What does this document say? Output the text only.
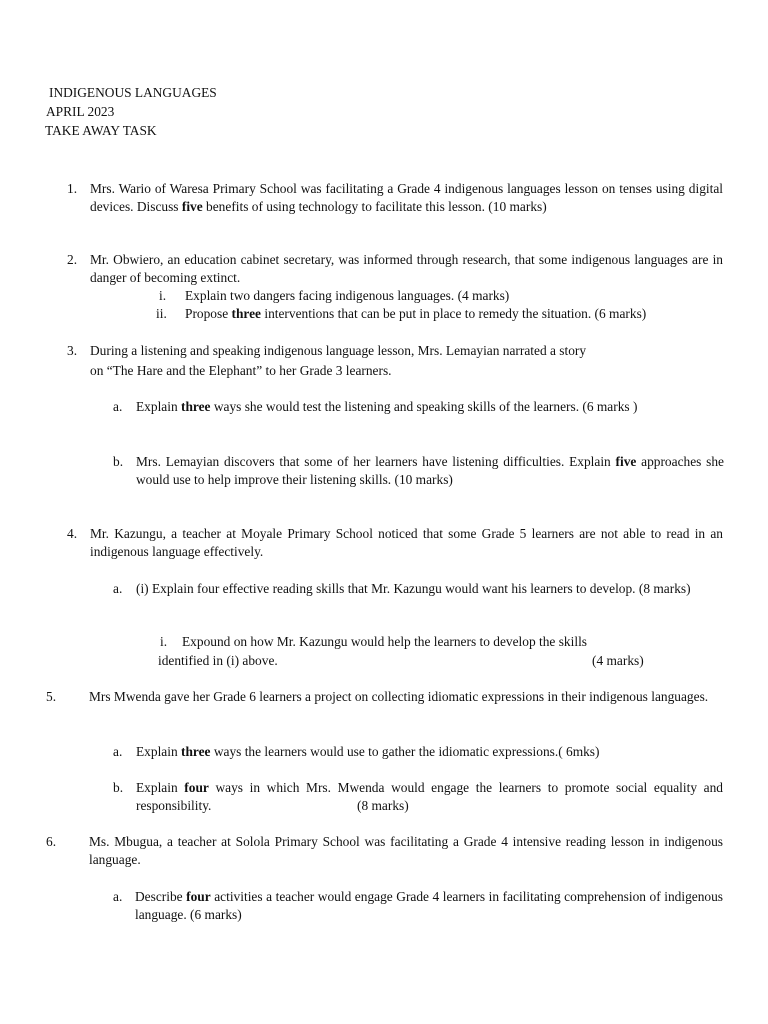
INDIGENOUS LANGUAGES
APRIL 2023
TAKE AWAY TASK
1. Mrs. Wario of Waresa Primary School was facilitating a Grade 4 indigenous languages lesson on tenses using digital devices. Discuss five benefits of using technology to facilitate this lesson. (10 marks)
2. Mr. Obwiero, an education cabinet secretary, was informed through research, that some indigenous languages are in danger of becoming extinct.
i. Explain two dangers facing indigenous languages. (4 marks)
ii. Propose three interventions that can be put in place to remedy the situation. (6 marks)
3. During a listening and speaking indigenous language lesson, Mrs. Lemayian narrated a story
on “The Hare and the Elephant” to her Grade 3 learners.
a. Explain three ways she would test the listening and speaking skills of the learners. (6 marks )
b. Mrs. Lemayian discovers that some of her learners have listening difficulties. Explain five approaches she would use to help improve their listening skills. (10 marks)
4. Mr. Kazungu, a teacher at Moyale Primary School noticed that some Grade 5 learners are not able to read in an indigenous language effectively.
a. (i) Explain four effective reading skills that Mr. Kazungu would want his learners to develop. (8 marks)
i. Expound on how Mr. Kazungu would help the learners to develop the skills
identified in (i) above.	(4 marks)
5. Mrs Mwenda gave her Grade 6 learners a project on collecting idiomatic expressions in their indigenous languages.
a. Explain three ways the learners would use to gather the idiomatic expressions.( 6mks)
b. Explain four ways in which Mrs. Mwenda would engage the learners to promote social equality and responsibility.	(8 marks)
6. Ms. Mbugua, a teacher at Solola Primary School was facilitating a Grade 4 intensive reading lesson in indigenous language.
a. Describe four activities a teacher would engage Grade 4 learners in facilitating comprehension of indigenous language. (6 marks)
